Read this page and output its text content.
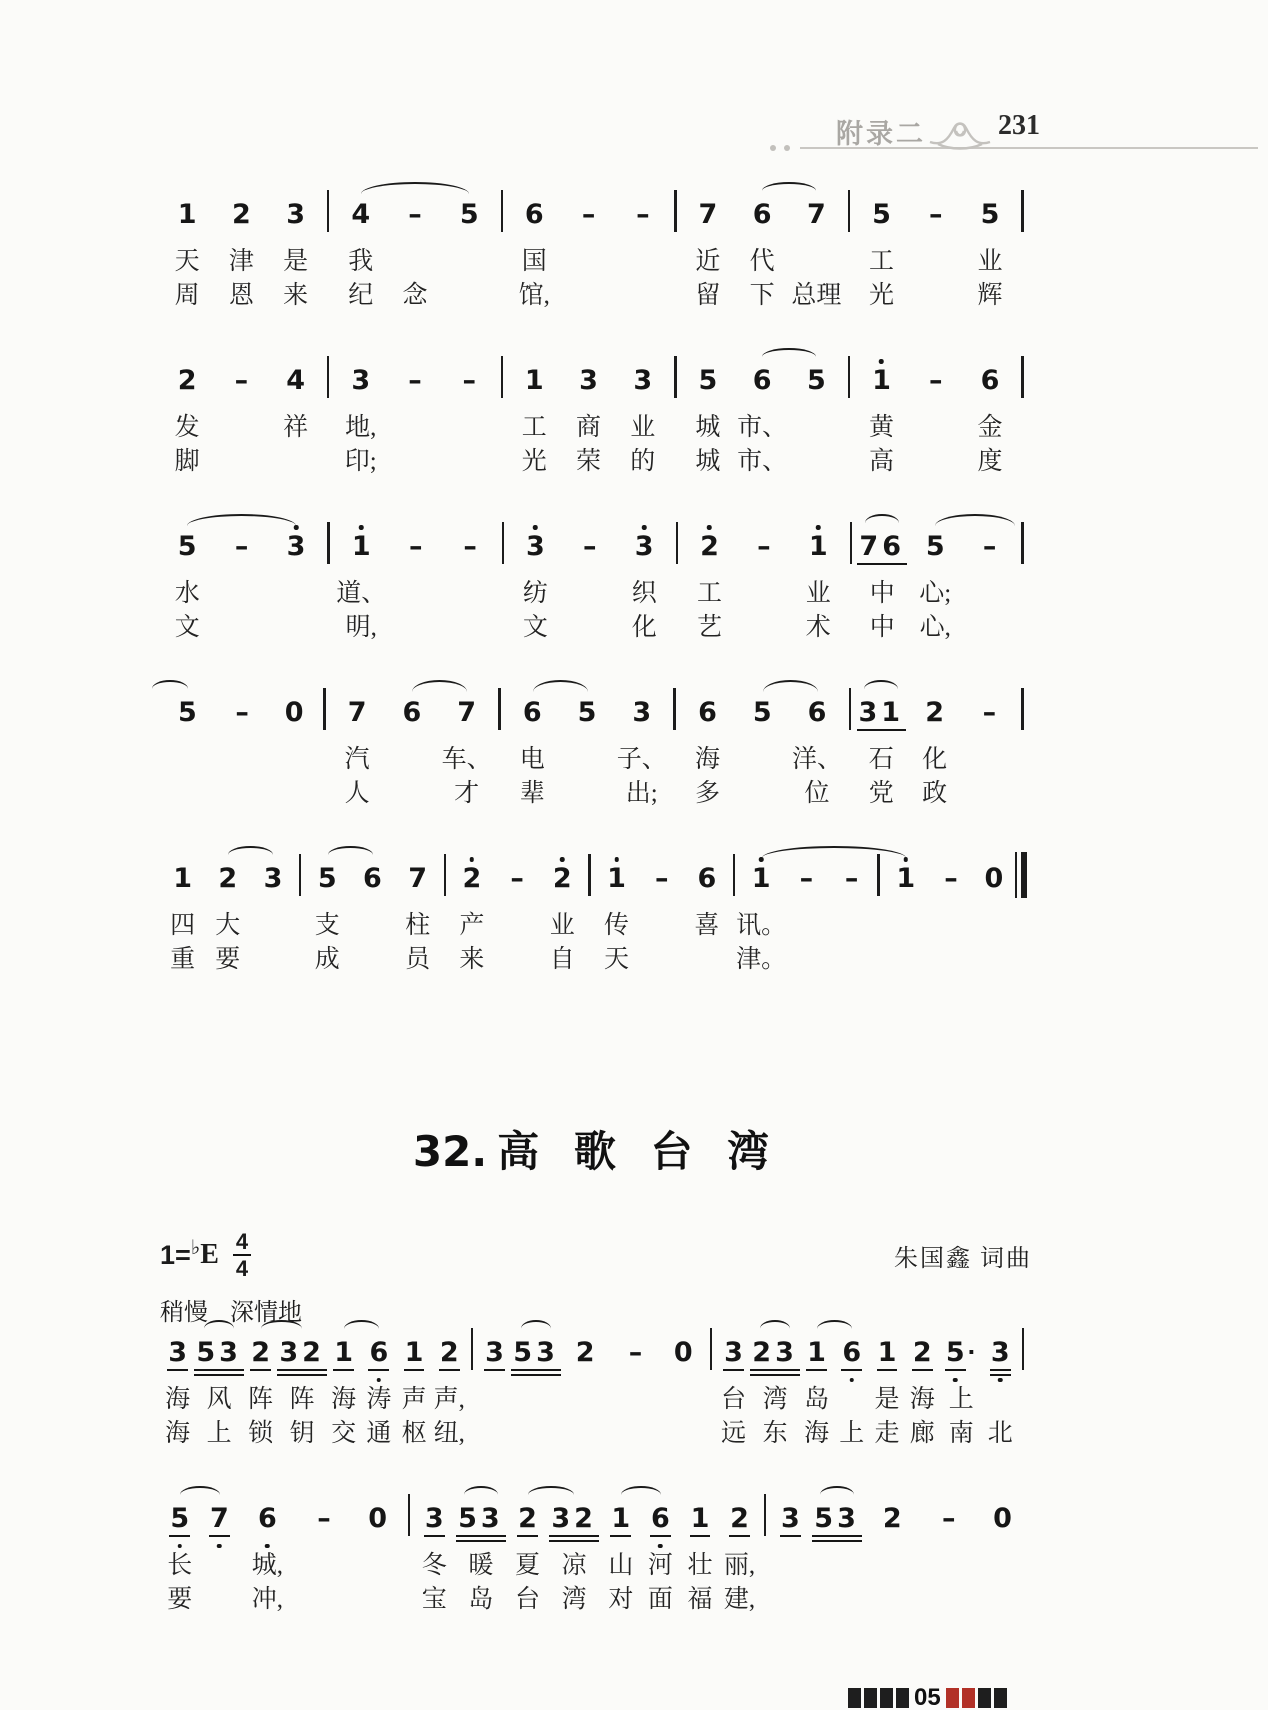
附录二	231
1
天
周
2
津
恩
3
是
来
4
我
纪
–
念
5 6
国
馆,
– – 7
近
留
6
代
下
7
总理
5
工
光
– 5
业
辉
2
发
脚
– 4
祥
3
地,
印;
– – 1
工
光
3
商
荣
3
业
的
5
城
城
6
市、
市、
5 1
黄
高
– 6
金
度
5
水
文
– 3 1
道、
明,
– – 3
纺
文
– 3
织
化
2
工
艺
– 1
业
术
76
中
中
5
心;
心,
–
5 – 0 7
汽
人
6 7
车、
才
6
电
辈
5 3
子、
出;
6
海
多
5 6
洋、
位
31
石
党
2
化
政
–
1
四
重
2
大
要
3 5
支
成
6 7
柱
员
2
产
来
– 2
业
自
1
传
天
– 6
喜
1
讯。
津。
– – 1 – 0
32. 高 歌 台 湾
1= ♭ E $\frac{4}{4}$	朱国鑫 词曲
稍慢 深情地
3
海
海
53
风
上
2
阵
锁
32
阵
钥
1
海
交
6
涛
通
1
声
枢
2
声,
纽,
3 53 2 – 0 3
台
远
23
湾
东
1
岛
海
6
上
1
是
走
2
海
廊
5 ·
上
南
3
北
5
长
要
7 6
城,
冲,
– 0 3
冬
宝
53
暖
岛
2
夏
台
32
凉
湾
1
山
对
6
河
面
1
壮
福
2
丽,
建,
3 53 2 – 0
05
